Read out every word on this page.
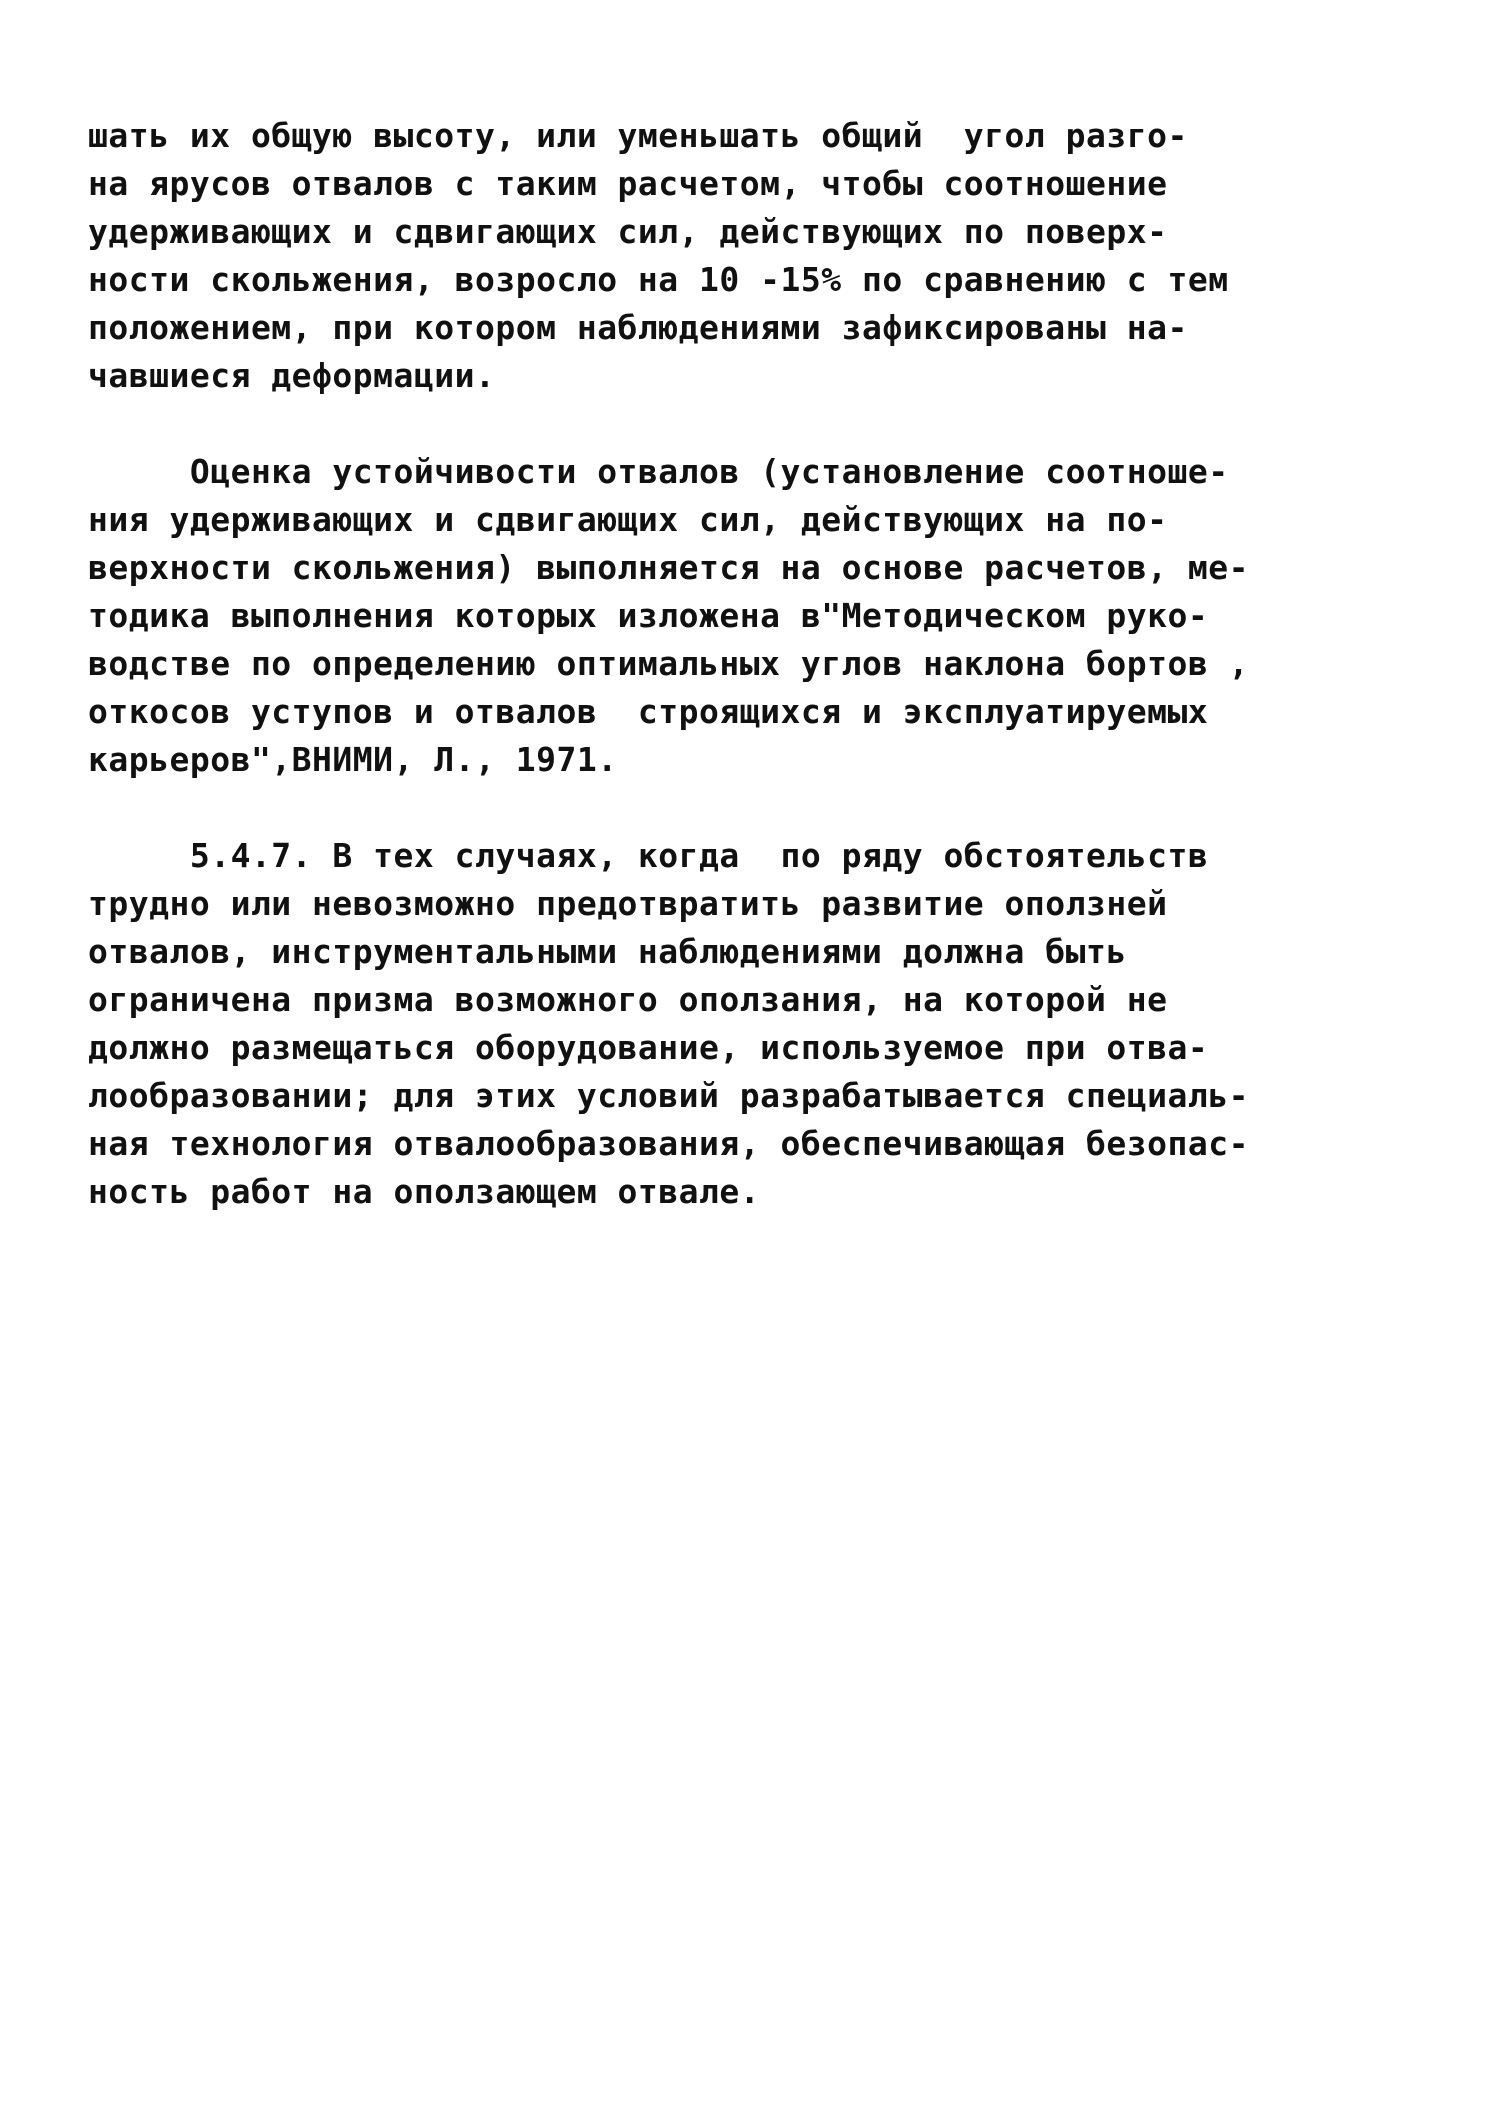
шать их общую высоту, или уменьшать общий  угол разго-
на ярусов отвалов с таким расчетом, чтобы соотношение
удерживающих и сдвигающих сил, действующих по поверх-
ности скольжения, возросло на 10 -15% по сравнению с тем
положением, при котором наблюдениями зафиксированы на-
чавшиеся деформации.
Оценка устойчивости отвалов (установление соотноше-
ния удерживающих и сдвигающих сил, действующих на по-
верхности скольжения) выполняется на основе расчетов, ме-
тодика выполнения которых изложена в"Методическом руко-
водстве по определению оптимальных углов наклона бортов ,
откосов уступов и отвалов  строящихся и эксплуатируемых
карьеров",ВНИМИ, Л., 1971.
5.4.7. В тех случаях, когда  по ряду обстоятельств
трудно или невозможно предотвратить развитие оползней
отвалов, инструментальными наблюдениями должна быть
ограничена призма возможного оползания, на которой не
должно размещаться оборудование, используемое при отва-
лообразовании; для этих условий разрабатывается специаль-
ная технология отвалообразования, обеспечивающая безопас-
ность работ на оползающем отвале.
